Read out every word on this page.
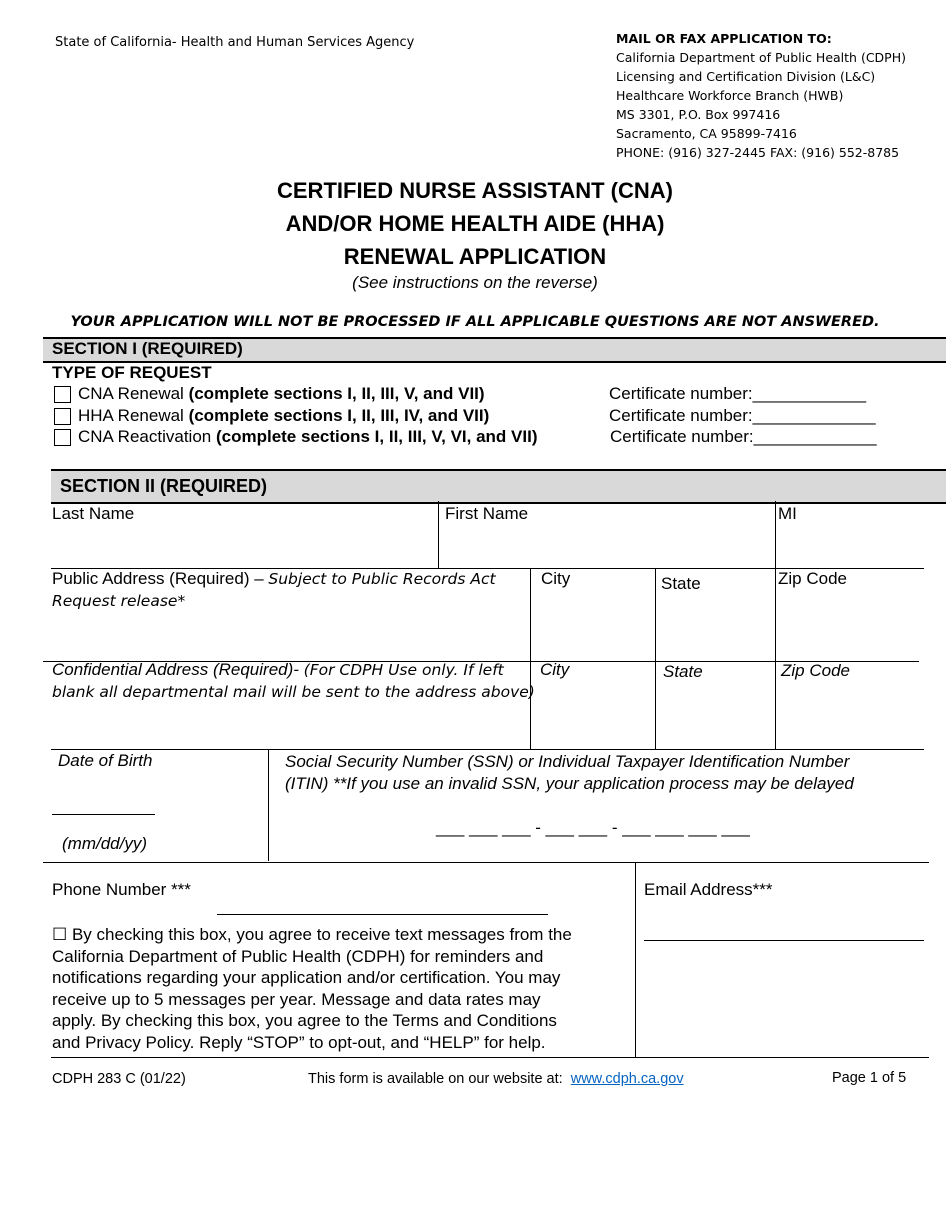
State of California- Health and Human Services Agency	MAIL OR FAX APPLICATION TO:
California Department of Public Health (CDPH)
Licensing and Certification Division (L&C)
Healthcare Workforce Branch (HWB)
MS 3301, P.O. Box 997416
Sacramento, CA 95899-7416
PHONE: (916) 327-2445 FAX: (916) 552-8785
CERTIFIED NURSE ASSISTANT (CNA)
AND/OR HOME HEALTH AIDE (HHA)
RENEWAL APPLICATION
(See instructions on the reverse)
YOUR APPLICATION WILL NOT BE PROCESSED IF ALL APPLICABLE QUESTIONS ARE NOT ANSWERED.
SECTION I (REQUIRED)
TYPE OF REQUEST
CNA Renewal (complete sections I, II, III, V, and VII)	Certificate number:____________
HHA Renewal (complete sections I, II, III, IV, and VII)	Certificate number:_____________
CNA Reactivation (complete sections I, II, III, V, VI, and VII)	Certificate number:_____________
SECTION II (REQUIRED)
Last Name	First Name	MI
Public Address (Required) – Subject to Public Records Act
Request release*
City	State	Zip Code
Confidential Address (Required)- (For CDPH Use only. If left
blank all departmental mail will be sent to the address above)
City	State	Zip Code
Date of Birth
(mm/dd/yy)
Social Security Number (SSN) or Individual Taxpayer Identification Number
(ITIN) **If you use an invalid SSN, your application process may be delayed
___ ___ ___ - ___ ___ - ___ ___ ___ ___
Phone Number ***	Email Address***
☐ By checking this box, you agree to receive text messages from the
California Department of Public Health (CDPH) for reminders and
notifications regarding your application and/or certification. You may
receive up to 5 messages per year. Message and data rates may
apply. By checking this box, you agree to the Terms and Conditions
and Privacy Policy. Reply “STOP” to opt-out, and “HELP” for help.
CDPH 283 C (01/22)	This form is available on our website at: www.cdph.ca.gov	Page 1 of 5
